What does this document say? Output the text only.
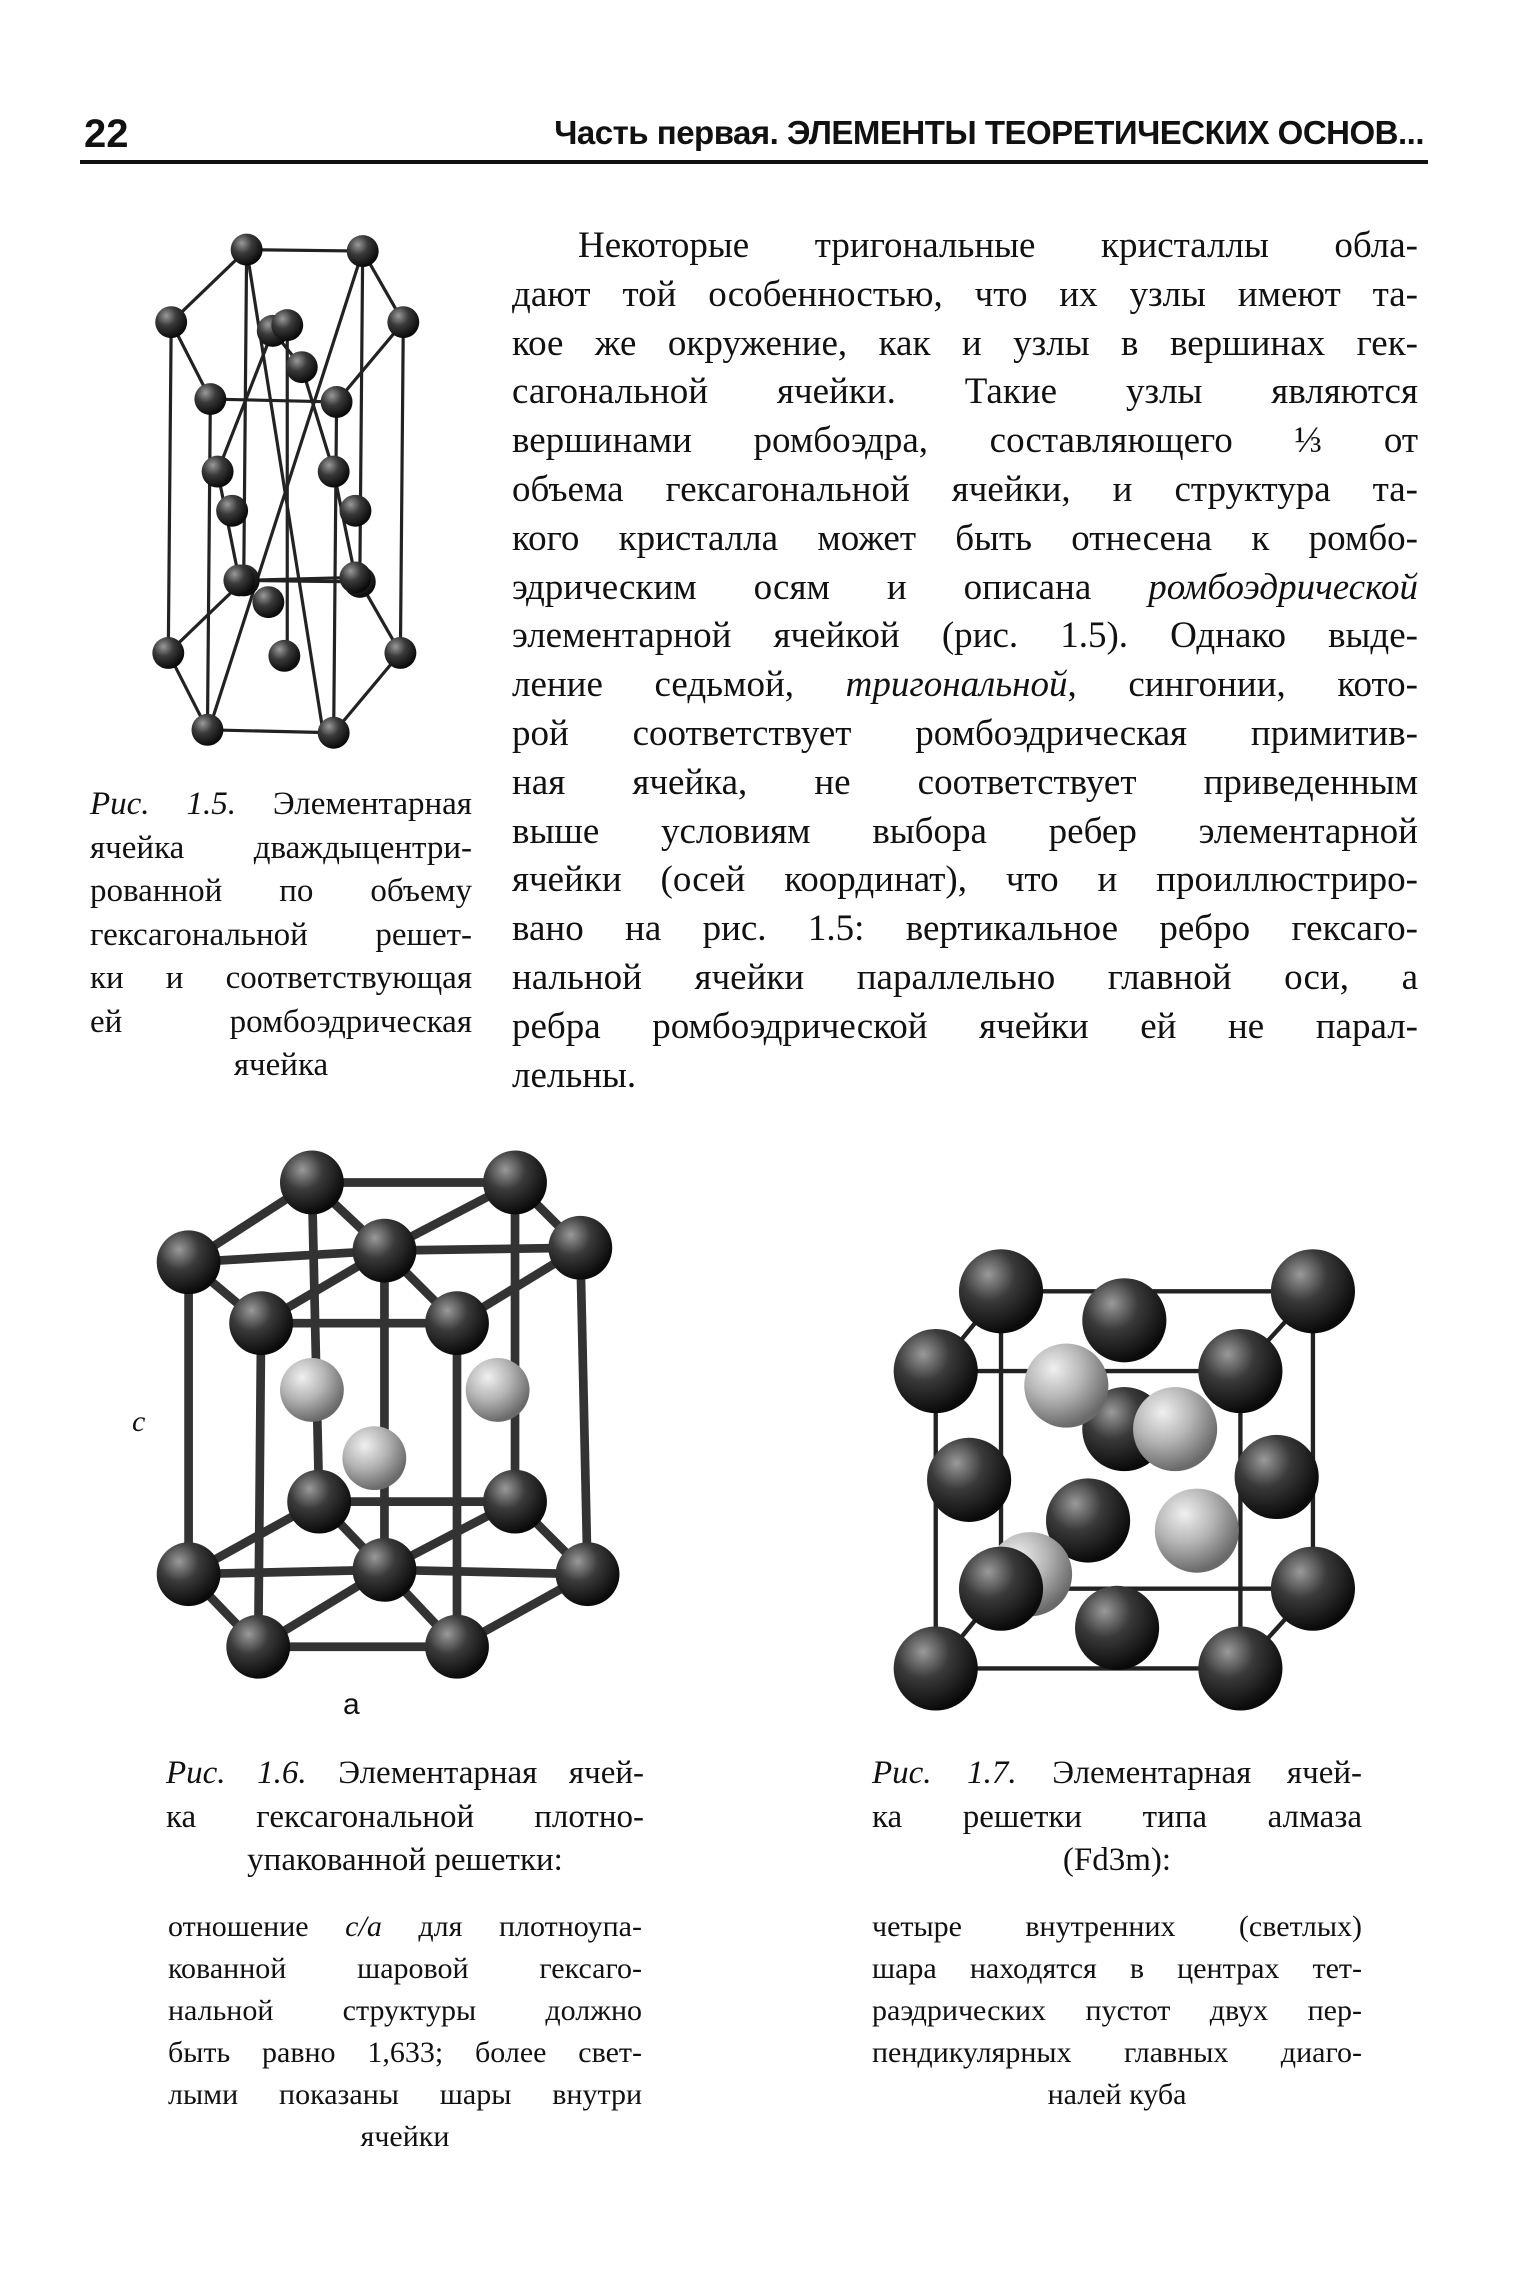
22	Часть первая. ЭЛЕМЕНТЫ ТЕОРЕТИЧЕСКИХ ОСНОВ...
Некоторые тригональные кристаллы обла-
дают той особенностью, что их узлы имеют та-
кое же окружение, как и узлы в вершинах гек-
сагональной ячейки. Такие узлы являются
вершинами ромбоэдра, составляющего ⅓ от
объема гексагональной ячейки, и структура та-
кого кристалла может быть отнесена к ромбо-
эдрическим осям и описана ромбоэдрической
элементарной ячейкой (рис. 1.5). Однако выде-
ление седьмой, тригональной, сингонии, кото-
рой соответствует ромбоэдрическая примитив-
ная ячейка, не соответствует приведенным
выше условиям выбора ребер элементарной
ячейки (осей координат), что и проиллюстриро-
вано на рис. 1.5: вертикальное ребро гексаго-
нальной ячейки параллельно главной оси, а
ребра ромбоэдрической ячейки ей не парал-
лельны.
Рис. 1.5. Элементарная
ячейка дваждыцентри-
рованной по объему
гексагональной решет-
ки и соответствующая
ей ромбоэдрическая
ячейка
c
a
Рис. 1.6. Элементарная ячей-
ка гексагональной плотно-
упакованной решетки:
отношение c/a для плотноупа-
кованной шаровой гексаго-
нальной структуры должно
быть равно 1,633; более свет-
лыми показаны шары внутри
ячейки
Рис. 1.7. Элементарная ячей-
ка решетки типа алмаза
(Fd3m):
четыре внутренних (светлых)
шара находятся в центрах тет-
раэдрических пустот двух пер-
пендикулярных главных диаго-
налей куба
